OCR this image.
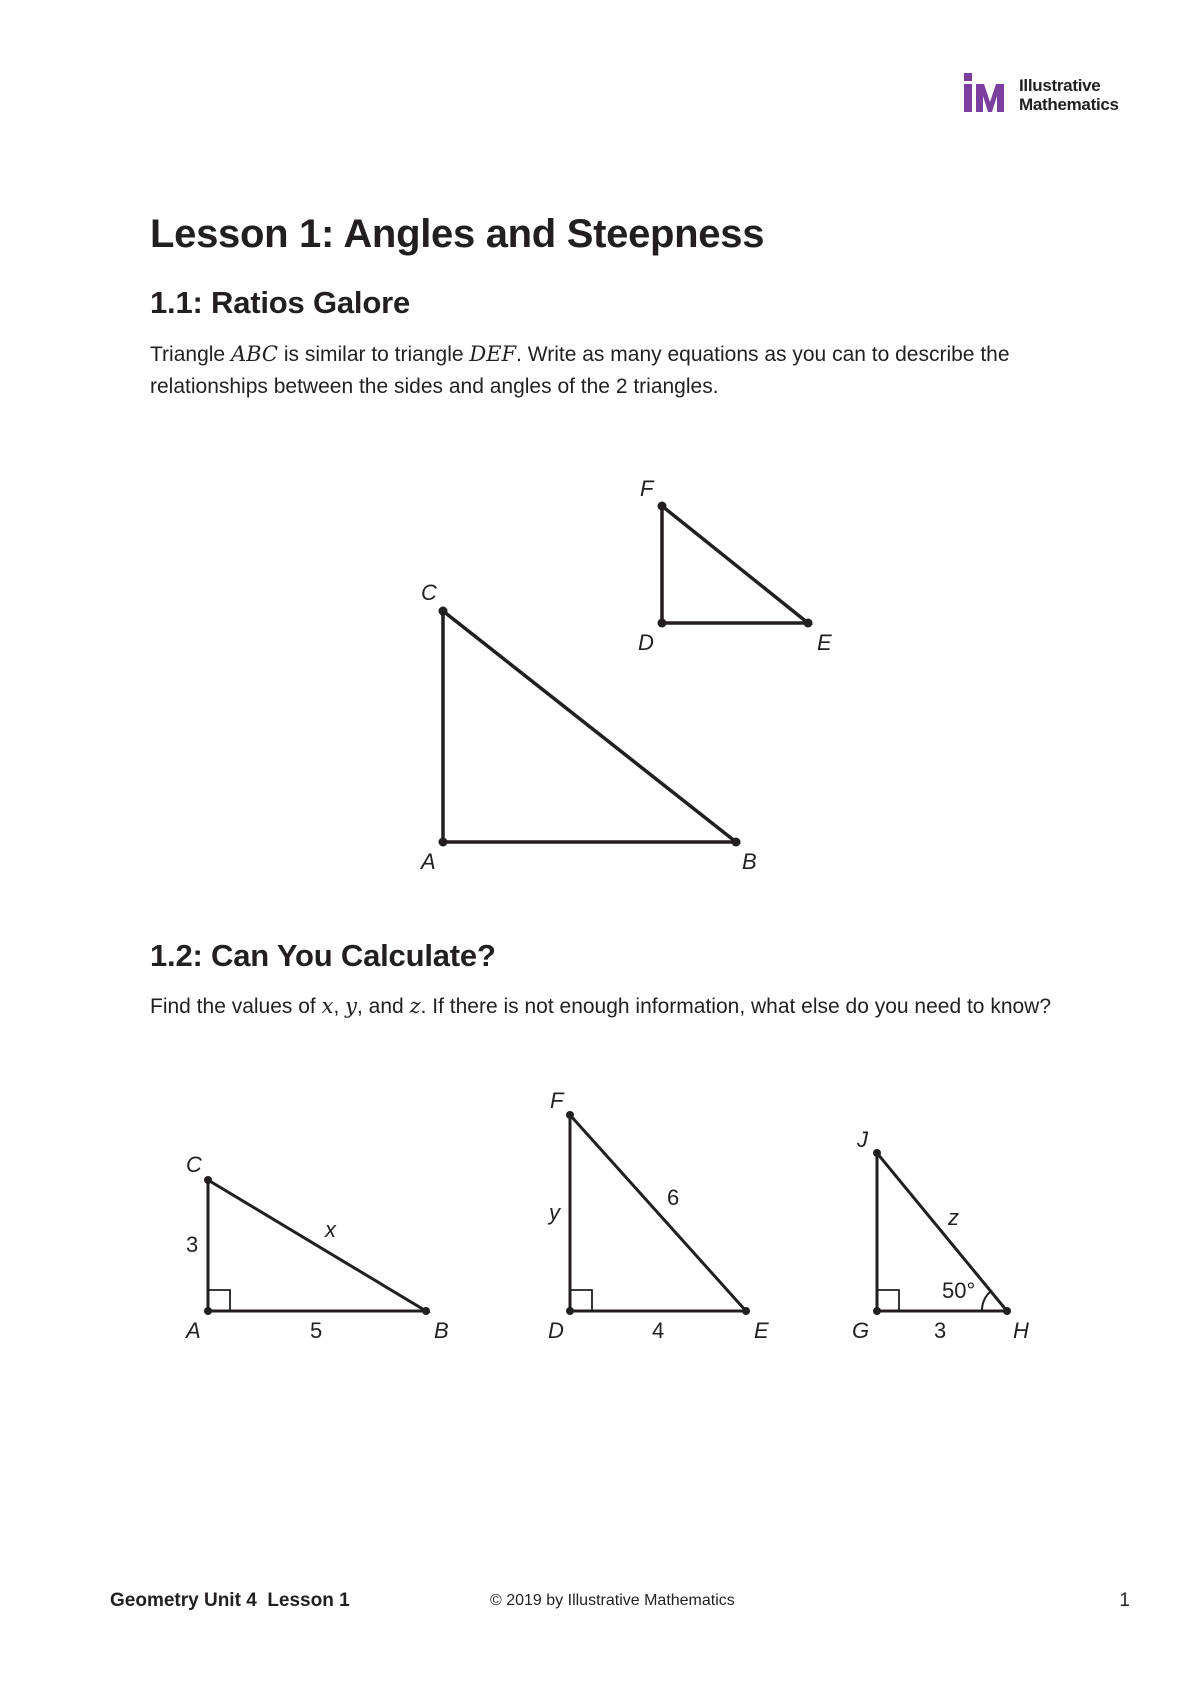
Illustrative
Mathematics
Lesson 1: Angles and Steepness
1.1: Ratios Galore

Triangle ABC is similar to triangle DEF. Write as many equations as you can to describe the relationships between the sides and angles of the 2 triangles.

C
A	B
F
D	E
1.2: Can You Calculate?

Find the values of x, y, and z. If there is not enough information, what else do you need to know?

C
A	B
3
5
x
F
D	E
y
4
6
J
G	H
3
z
50°
Geometry Unit 4  Lesson 1	© 2019 by Illustrative Mathematics	1
